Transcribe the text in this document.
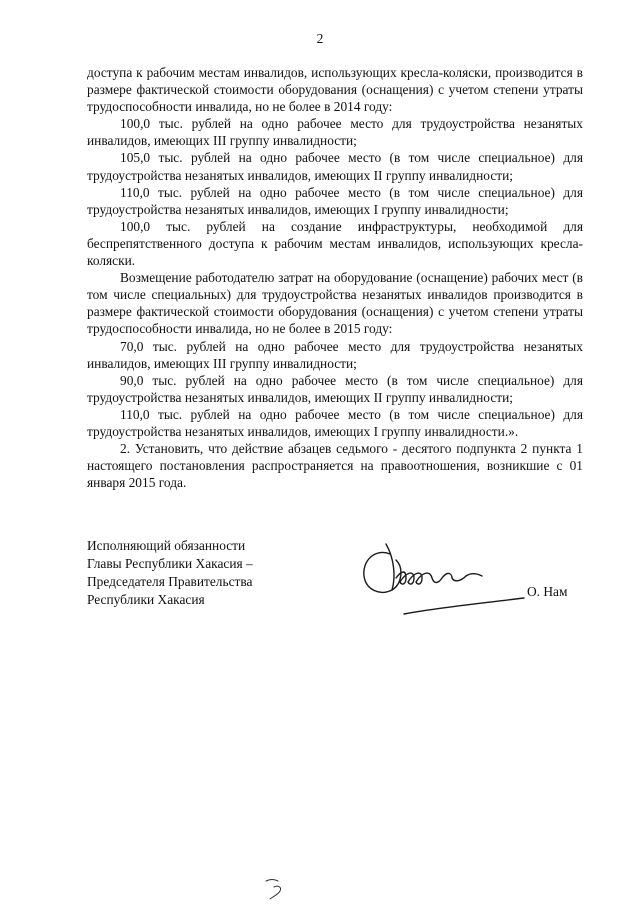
2

доступа к рабочим местам инвалидов, использующих кресла-коляски, производится в размере фактической стоимости оборудования (оснащения) с учетом степени утраты трудоспособности инвалида, но не более в 2014 году:

100,0 тыс. рублей на одно рабочее место для трудоустройства незанятых инвалидов, имеющих III группу инвалидности;

105,0 тыс. рублей на одно рабочее место (в том числе специальное) для трудоустройства незанятых инвалидов, имеющих II группу инвалидности;

110,0 тыс. рублей на одно рабочее место (в том числе специальное) для трудоустройства незанятых инвалидов, имеющих I группу инвалидности;

100,0 тыс. рублей на создание инфраструктуры, необходимой для беспрепятственного доступа к рабочим местам инвалидов, использующих кресла-коляски.

Возмещение работодателю затрат на оборудование (оснащение) рабочих мест (в том числе специальных) для трудоустройства незанятых инвалидов производится в размере фактической стоимости оборудования (оснащения) с учетом степени утраты трудоспособности инвалида, но не более в 2015 году:

70,0 тыс. рублей на одно рабочее место для трудоустройства незанятых инвалидов, имеющих III группу инвалидности;

90,0 тыс. рублей на одно рабочее место (в том числе специальное) для трудоустройства незанятых инвалидов, имеющих II группу инвалидности;

110,0 тыс. рублей на одно рабочее место (в том числе специальное) для трудоустройства незанятых инвалидов, имеющих I группу инвалидности.».

2. Установить, что действие абзацев седьмого - десятого подпункта 2 пункта 1 настоящего постановления распространяется на правоотношения, возникшие с 01 января 2015 года.

Исполняющий обязанности
Главы Республики Хакасия –
Председателя Правительства
Республики Хакасия
О. Нам
